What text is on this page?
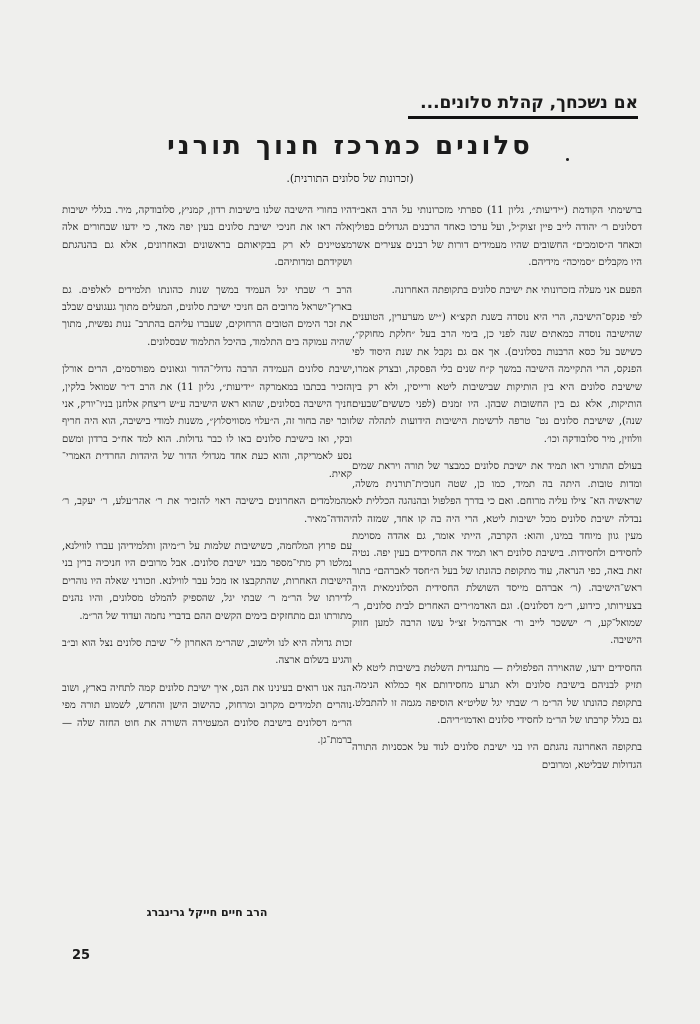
אם נשכחך, קהלת סלונים...
סלונים כמרכז חנוך תורני
(זכרונות של סלונים התורנית).

ברשימתי הקודמת (״ידיעות״, גליון 11) ספרתי מזכרונותי על הרב האב״ד דסלונים ר׳ יהודה לייב פיין זצוק״ל, ועל ערכו כאחד הרבנים הגדולים בפולין וכאחד ה״סומכים״ החשובים שהיו מעמידים דורות של רבנים צעירים אשר היו מקבלים ״סמיכה״ מידיהם.

הפעם אני מעלה בזכרונותי את ישיבת סלונים בתקופתה האחרונה.

לפי פנקס־הישיבה, הרי היא נוסדה בשנת תקצ״א (״יש מערערין, הטוענים שהישיבה נוסדה כמאתים שנה לפני כן, בימי הרב בעל ״חלקת מחוקק״, כשישב על כסא הרבנות בסלונים). אך אם גם נקבל את שנת היסוד לפי הפנקס, הרי התקיימה הישיבה במשך ק״ח שנים בלי הפסקה, ובצדק אמרו, שישיבת סלונים היא בין הותיקות שבישיבות ליטא ורייסין, ולא רק בין הותיקות, אלא גם בין החשובות שבהן. היו זמנים (לפני כששים־שבעים שנה), שישיבת סלונים נט־ טרפה לרשימת הישיבות הידועות לתהלה של וולוזין, מיר סלובודקה וכו׳.

בעולם התורני ראו תמיד את ישיבת סלונים כמבצר של תורה ויראת שמים ומדות טובות. היתה בה תמיד, כמו כן, שטה חנוכית־תורנית משלה, שראשיה הא־ צילו עליה מרוחם. ואם כי בדרך הפלפול ובהנהגה הכללית לא נבדלה ישיבת סלונים מכל ישיבות ליטא, הרי היה בה קו אחד, שמזה לה מעין גוון מיוחד במינו, והוא: הקרבה, הייתי אומר, גם אהדה מסוימת לחסידים ולחסידות. בישיבת סלונים ראו תמיד את החסידים בעין יפה. נטיה זאת באה, כפי הנראה, עוד מתקופת כהונתו של בעל ה״חסד לאברהם״ בתור ראש־הישיבה. (ר׳ אברהם מייסד השושלת החסידית הסלונימאית היה בצעירותו, כידוע, ר״מ דסלונים). וגם האדמו״רים האחרים לבית סלונים, ר׳ שמואל־קע, ר׳ יששכר לייב ור׳ אברהמ׳ל זצ״ל עשו הרבה למען חזוק הישיבה.

החסידים ידעו, שהאוירה הפלפולית — מתנגדית השלטת בישיבות ליטא לא תזיק לבניהם בישיבת סלונים ולא תגרע מחסידותם אף כמלוא הנימה. בתקופת כהונתו של הר״מ ר׳ שבתי יגל שליט״א הוסיפה מגמה זו להתבלט. גם בגלל קרבתו של הר״מ לחסידי סלונים ואדמו״ריהם.

בתקופה האחרונה נהגתם היו בני ישיבת סלונים לנוד על אכסניות התורה הגדולות שבליטא, ומרובים

היו בחורי הישיבה שלנו בישיבות רדון, קמניץ, סלובודקה, מיר. בגללי ישיבות אלה ראו את חניכי ישיבת סלונים בעין יפה מאד, כי ידעו שבחורים אלה מצטיינים לא רק בבקיאותם בראשונים ובאחרונים, אלא גם בהנהגתם ושקידתם ומדותיהם.

הרב ר׳ שבתי יגל העמיד במשך שנות כהונתו תלמידים לאלפים. גם בארץ־ישראל מרובים הם חניכי ישיבת סלונים, המעלים מתוך געגועים שבלב את זכר הימים הטובים הרחוקים, שעברו עליהם בהתרב־ ננות נפשית, מתוך שהיה עמוקה בים התלמוד, בהיכל התלמוד שבסלונים.

ישיבת סלונים העמידה הרבה גדולי־הדור וגאונים מפורסמים, הרים אורלן הזכיר בכתבו במאמרקה ״ידיעות״, גליון 11) את הרב ד״ר שמואל בלקין, חניך הישיבה בסלונים, שהוא ראש הישיבה ע״ש ריצחק אלחנן בניו־יורק, אני זוכר יפה בחור זה, ה״עלוי מסוויסלוץ״, משנות למודי בישיבה, הוא היה חריף ובקי, ואז בישיבת סלונים באו לו כבר גדולות. הוא למד אח״כ ברדון ומשם נסע לאמריקה, והוא כעת אחד מגדולי הדור של היהדות החרדית האמרי־ קאית.

מהמלמדים האחרונים בישיבה ראוי להזכיר את ר׳ אהר׳עלע, ר׳ יעקב, ר׳ יהודה־מאיר.

עם פרוץ המלחמה, כשישיבות שלמות על ר״מיהן ותלמידיהן עברו לווילנא, נמלטו רק מתי־מספר מבני ישיבת סלונים. אבל מרובים היו חניכיה ברין בני הישיבות האחרות, שהתקבצו אז מכל עבר לווילנא. וזכורני שאלה היו נוהרים לדירתו של הר״מ ר׳ שבתי יגל, שהספיק להמלט מסלונים, והיו נהנים מתורתו וגם מתחזקים בימים הקשים ההם בדברי נחמה ועדוד של הר״מ.

זכות גדולה היא לנו ולישוב, שהר״מ האחרון לי־ שיבת סלונים נצל הוא וב״ב והגיע בשלום ארצה.

הנה אנו רואים בעינינו את הנס, איך ישיבת סלונים קמה לתחיה בארץ, ושוב נוהרים תלמידים מקרוב ומרחוק, כהישוב הישן והחדש, לשמוע תורה מפי הר״מ דסלונים בישיבת סלונים המעטירה השורה את חוט החזה שלה — ברמת־גן.

הרב חיים חייקל גרינברג
25
